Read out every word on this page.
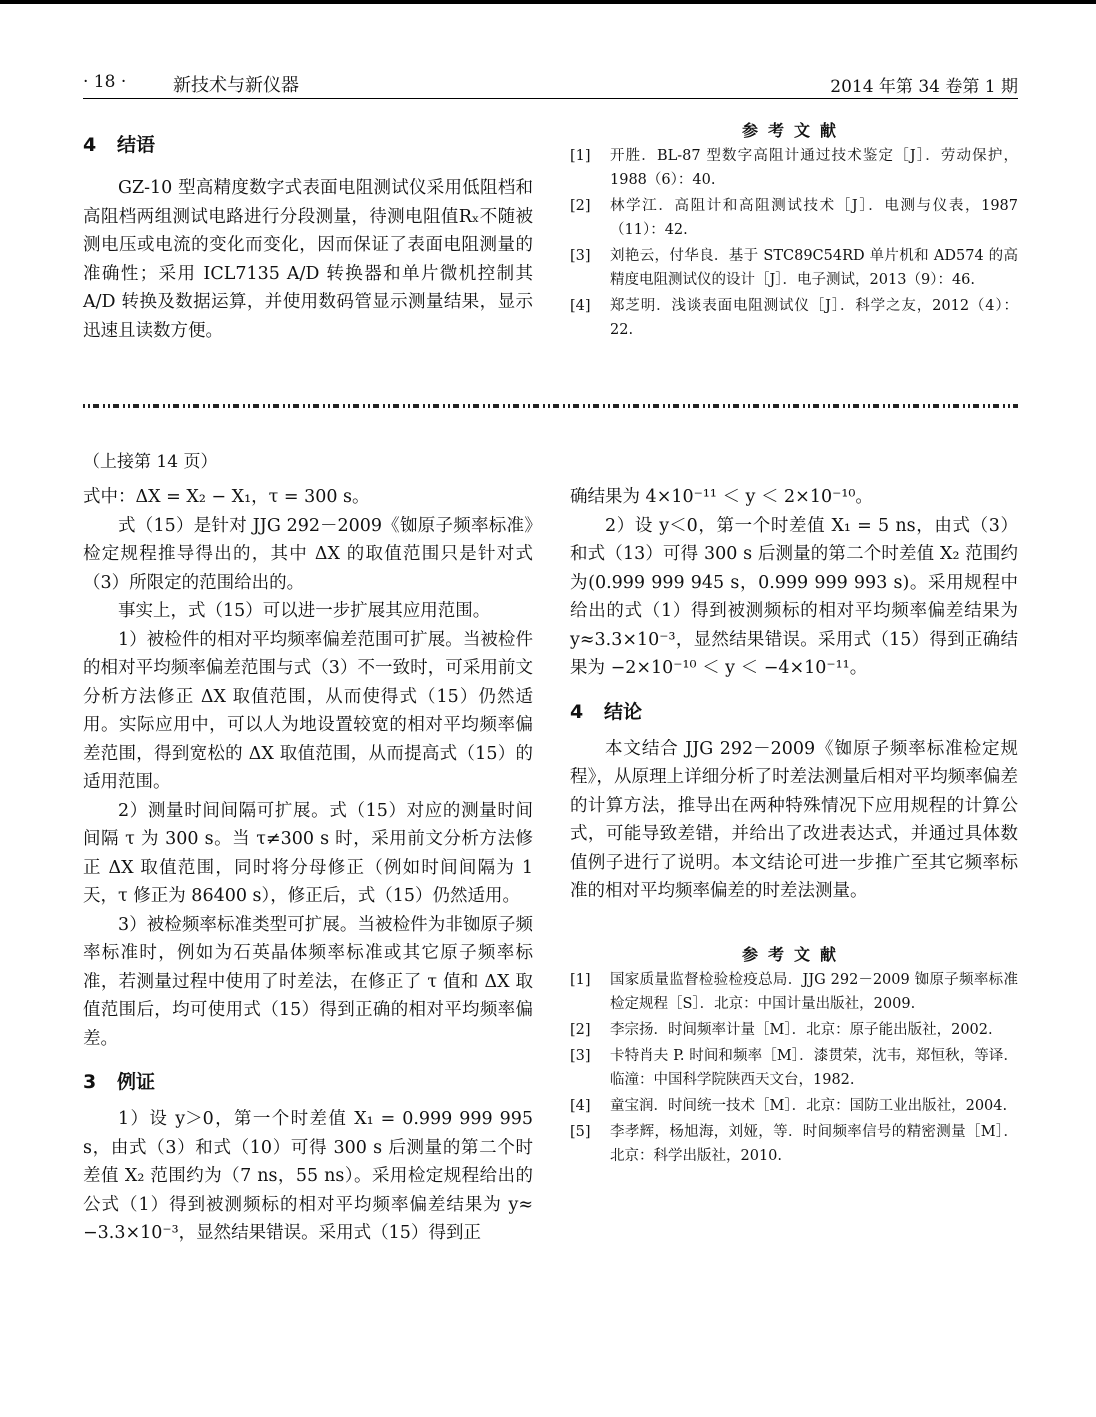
· 18 ·	新技术与新仪器	2014 年第 34 卷第 1 期
4 结语

GZ-10 型高精度数字式表面电阻测试仪采用低阻档和高阻档两组测试电路进行分段测量，待测电阻值Rₓ不随被测电压或电流的变化而变化，因而保证了表面电阻测量的准确性；采用 ICL7135 A/D 转换器和单片微机控制其 A/D 转换及数据运算，并使用数码管显示测量结果，显示迅速且读数方便。

参考文献
[1] 开胜．BL-87 型数字高阻计通过技术鉴定［J］．劳动保护，1988（6）：40.
[2] 林学江．高阻计和高阻测试技术［J］．电测与仪表，1987（11）：42.
[3] 刘艳云，付华良．基于 STC89C54RD 单片机和 AD574 的高精度电阻测试仪的设计［J］．电子测试，2013（9）：46.
[4] 郑芝明．浅谈表面电阻测试仪［J］．科学之友，2012（4）：22.
（上接第 14 页）

式中：ΔX = X₂ − X₁，τ = 300 s。

式（15）是针对 JJG 292－2009《铷原子频率标准》检定规程推导得出的，其中 ΔX 的取值范围只是针对式（3）所限定的范围给出的。

事实上，式（15）可以进一步扩展其应用范围。

1）被检件的相对平均频率偏差范围可扩展。当被检件的相对平均频率偏差范围与式（3）不一致时，可采用前文分析方法修正 ΔX 取值范围，从而使得式（15）仍然适用。实际应用中，可以人为地设置较宽的相对平均频率偏差范围，得到宽松的 ΔX 取值范围，从而提高式（15）的适用范围。

2）测量时间间隔可扩展。式（15）对应的测量时间间隔 τ 为 300 s。当 τ≠300 s 时，采用前文分析方法修正 ΔX 取值范围，同时将分母修正（例如时间间隔为 1 天，τ 修正为 86400 s），修正后，式（15）仍然适用。

3）被检频率标准类型可扩展。当被检件为非铷原子频率标准时，例如为石英晶体频率标准或其它原子频率标准，若测量过程中使用了时差法，在修正了 τ 值和 ΔX 取值范围后，均可使用式（15）得到正确的相对平均频率偏差。

3 例证

1）设 y＞0，第一个时差值 X₁ = 0.999 999 995 s，由式（3）和式（10）可得 300 s 后测量的第二个时差值 X₂ 范围约为（7 ns，55 ns）。采用检定规程给出的公式（1）得到被测频标的相对平均频率偏差结果为 y≈ −3.3×10⁻³，显然结果错误。采用式（15）得到正

确结果为 4×10⁻¹¹ ＜ y ＜ 2×10⁻¹⁰。

2）设 y＜0，第一个时差值 X₁ = 5 ns，由式（3）和式（13）可得 300 s 后测量的第二个时差值 X₂ 范围约为(0.999 999 945 s，0.999 999 993 s)。采用规程中给出的式（1）得到被测频标的相对平均频率偏差结果为 y≈3.3×10⁻³，显然结果错误。采用式（15）得到正确结果为 −2×10⁻¹⁰ ＜ y ＜ −4×10⁻¹¹。

4 结论

本文结合 JJG 292－2009《铷原子频率标准检定规程》，从原理上详细分析了时差法测量后相对平均频率偏差的计算方法，推导出在两种特殊情况下应用规程的计算公式，可能导致差错，并给出了改进表达式，并通过具体数值例子进行了说明。本文结论可进一步推广至其它频率标准的相对平均频率偏差的时差法测量。

参考文献
[1] 国家质量监督检验检疫总局．JJG 292－2009 铷原子频率标准检定规程［S］．北京：中国计量出版社，2009.
[2] 李宗扬．时间频率计量［M］．北京：原子能出版社，2002.
[3] 卡特肖夫 P. 时间和频率［M］．漆贯荣，沈韦，郑恒秋，等译．临潼：中国科学院陕西天文台，1982.
[4] 童宝润．时间统一技术［M］．北京：国防工业出版社，2004.
[5] 李孝辉，杨旭海，刘娅，等．时间频率信号的精密测量［M］．北京：科学出版社，2010.
